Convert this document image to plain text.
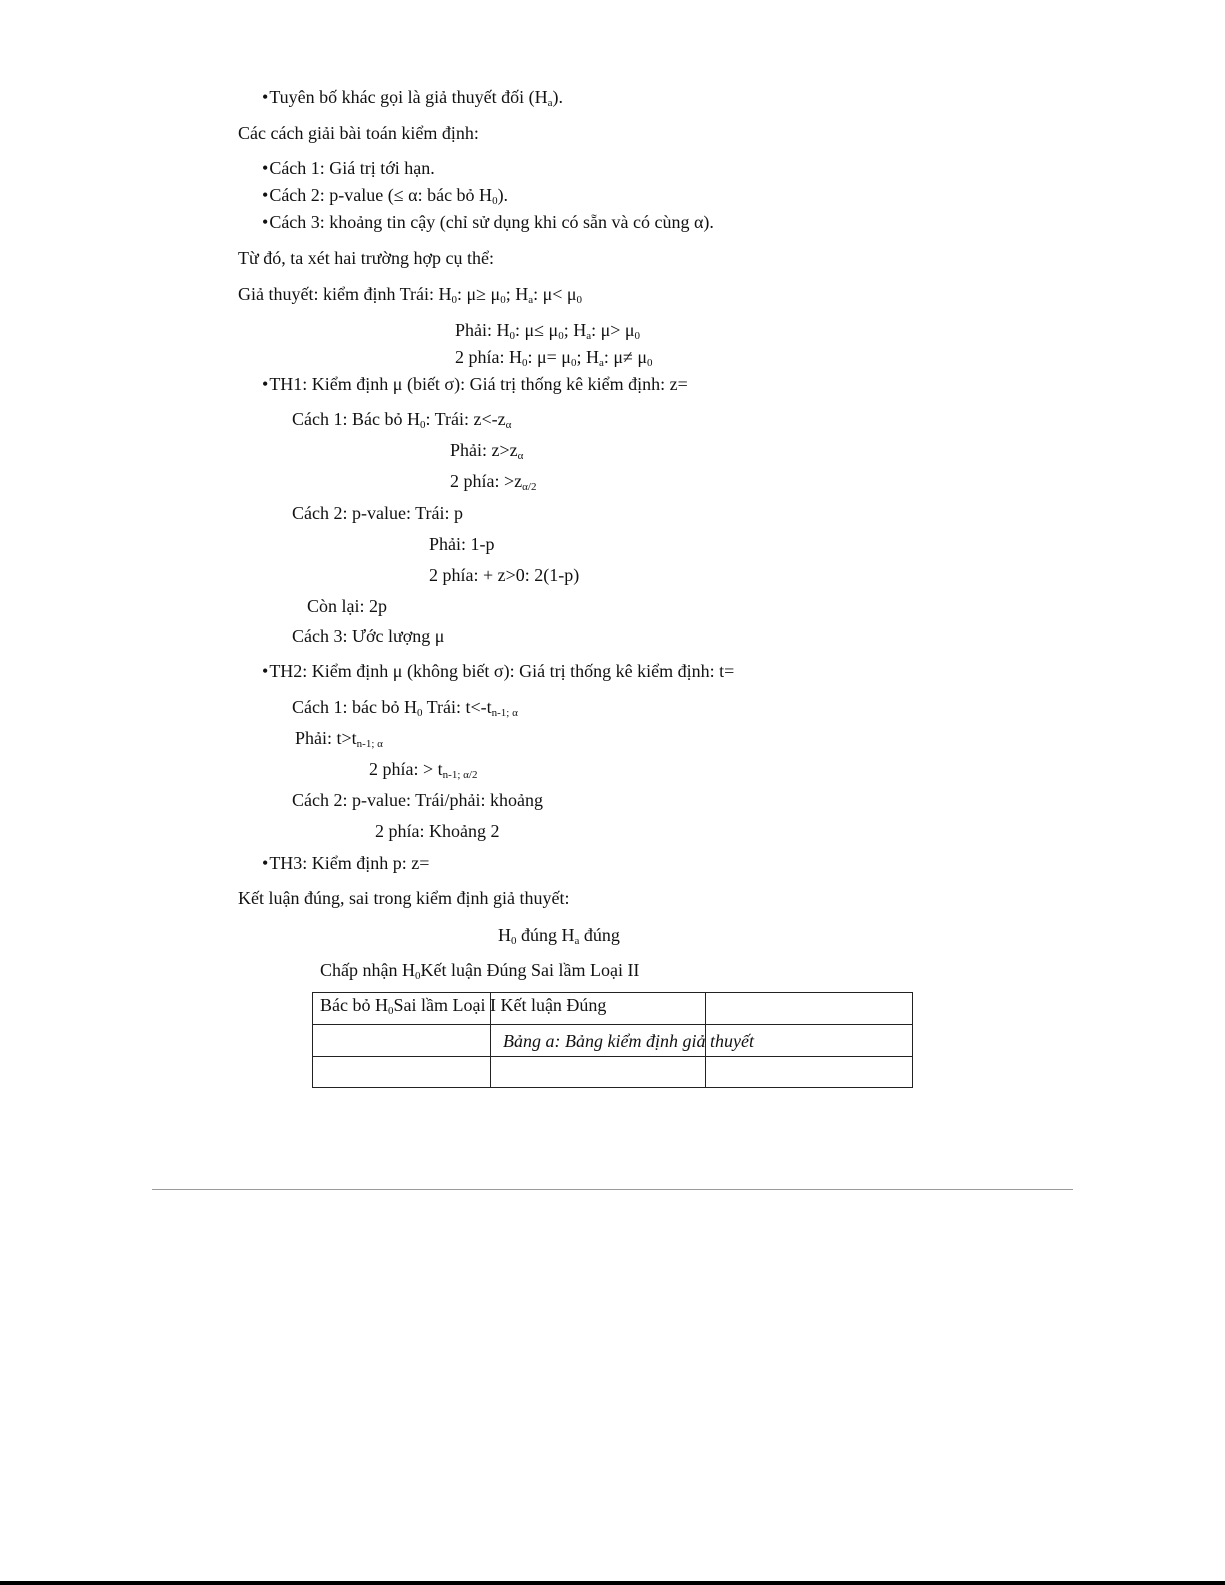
• Tuyên bố khác gọi là giả thuyết đối $(H_a)$.
Các cách giải bài toán kiểm định:
• Cách 1: Giá trị tới hạn.
• Cách 2: p-value (≤ α: bác bỏ $H_0$).
• Cách 3: khoảng tin cậy (chỉ sử dụng khi có sẵn và có cùng α).
Từ đó, ta xét hai trường hợp cụ thể:
Giả thuyết: kiểm định Trái: $H_0$: $\mu\ge \mu_0$; $H_a$: $\mu< \mu_0$
Phải: $H_0$: $\mu\le \mu_0$; $H_a$: $\mu> \mu_0$
2 phía: $H_0$: $\mu= \mu_0$; $H_a$: $\mu\ne \mu_0$
• TH1: Kiểm định μ (biết σ): Giá trị thống kê kiểm định: z=
Cách 1: Bác bỏ $H_0$: Trái: $z<-z_\alpha$
Phải: $z>z_\alpha$
2 phía: $>z_{\alpha/2}$
Cách 2: p-value: Trái: p
Phải: 1-p
2 phía: + z>0: 2(1-p)
Còn lại: 2p
Cách 3: Ước lượng μ
• TH2: Kiểm định μ (không biết σ): Giá trị thống kê kiểm định: t=
Cách 1: bác bỏ $H_0$ Trái: $t<-t_{n-1; \alpha}$
Phải: $t>t_{n-1; \alpha}$
2 phía: > $t_{n-1; \alpha/2}$
Cách 2: p-value: Trái/phải: khoảng
2 phía: Khoảng 2
• TH3: Kiểm định p: z=
Kết luận đúng, sai trong kiểm định giả thuyết:
$H_0$ đúng $H_a$ đúng
Chấp nhận $H_0Kết$ luận Đúng Sai lầm Loại II
Bác bỏ $H_0Sai$ lầm Loại I Kết luận Đúng
Bảng a: Bảng kiểm định giả thuyết
